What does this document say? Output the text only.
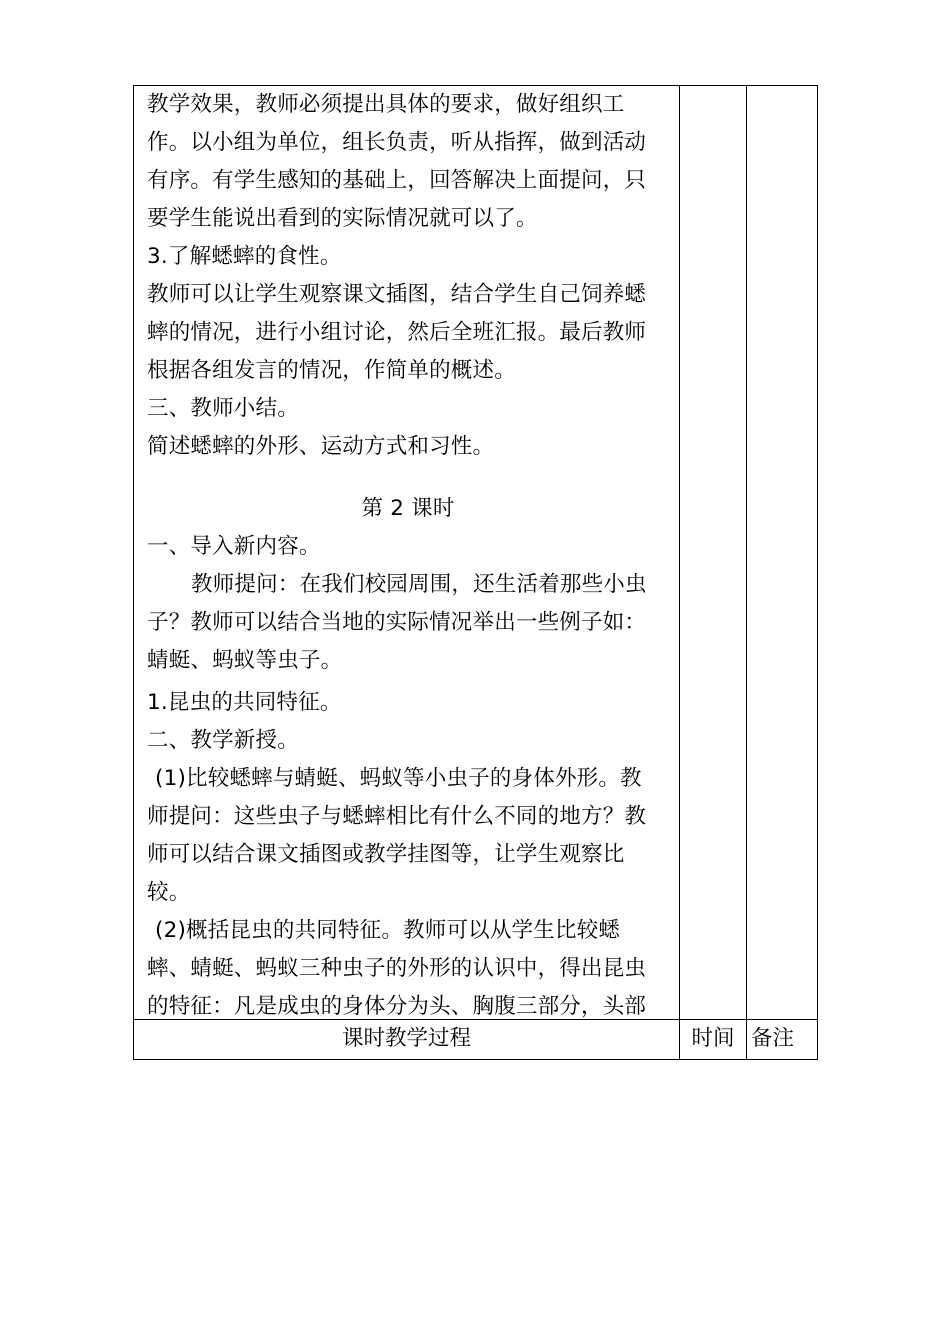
教学效果，教师必须提出具体的要求，做好组织工
作。以小组为单位，组长负责，听从指挥，做到活动
有序。有学生感知的基础上，回答解决上面提问，只
要学生能说出看到的实际情况就可以了。
3.了解蟋蟀的食性。
教师可以让学生观察课文插图，结合学生自己饲养蟋
蟀的情况，进行小组讨论，然后全班汇报。最后教师
根据各组发言的情况，作简单的概述。
三、教师小结。
简述蟋蟀的外形、运动方式和习性。
第 2 课时
一、导入新内容。
教师提问：在我们校园周围，还生活着那些小虫
子？教师可以结合当地的实际情况举出一些例子如：
蜻蜓、蚂蚁等虫子。
1.昆虫的共同特征。
二、教学新授。
(1)比较蟋蟀与蜻蜓、蚂蚁等小虫子的身体外形。教
师提问：这些虫子与蟋蟀相比有什么不同的地方？教
师可以结合课文插图或教学挂图等，让学生观察比
较。
(2)概括昆虫的共同特征。教师可以从学生比较蟋
蟀、蜻蜓、蚂蚁三种虫子的外形的认识中，得出昆虫
的特征：凡是成虫的身体分为头、胸腹三部分，头部
课时教学过程	时间 备注
